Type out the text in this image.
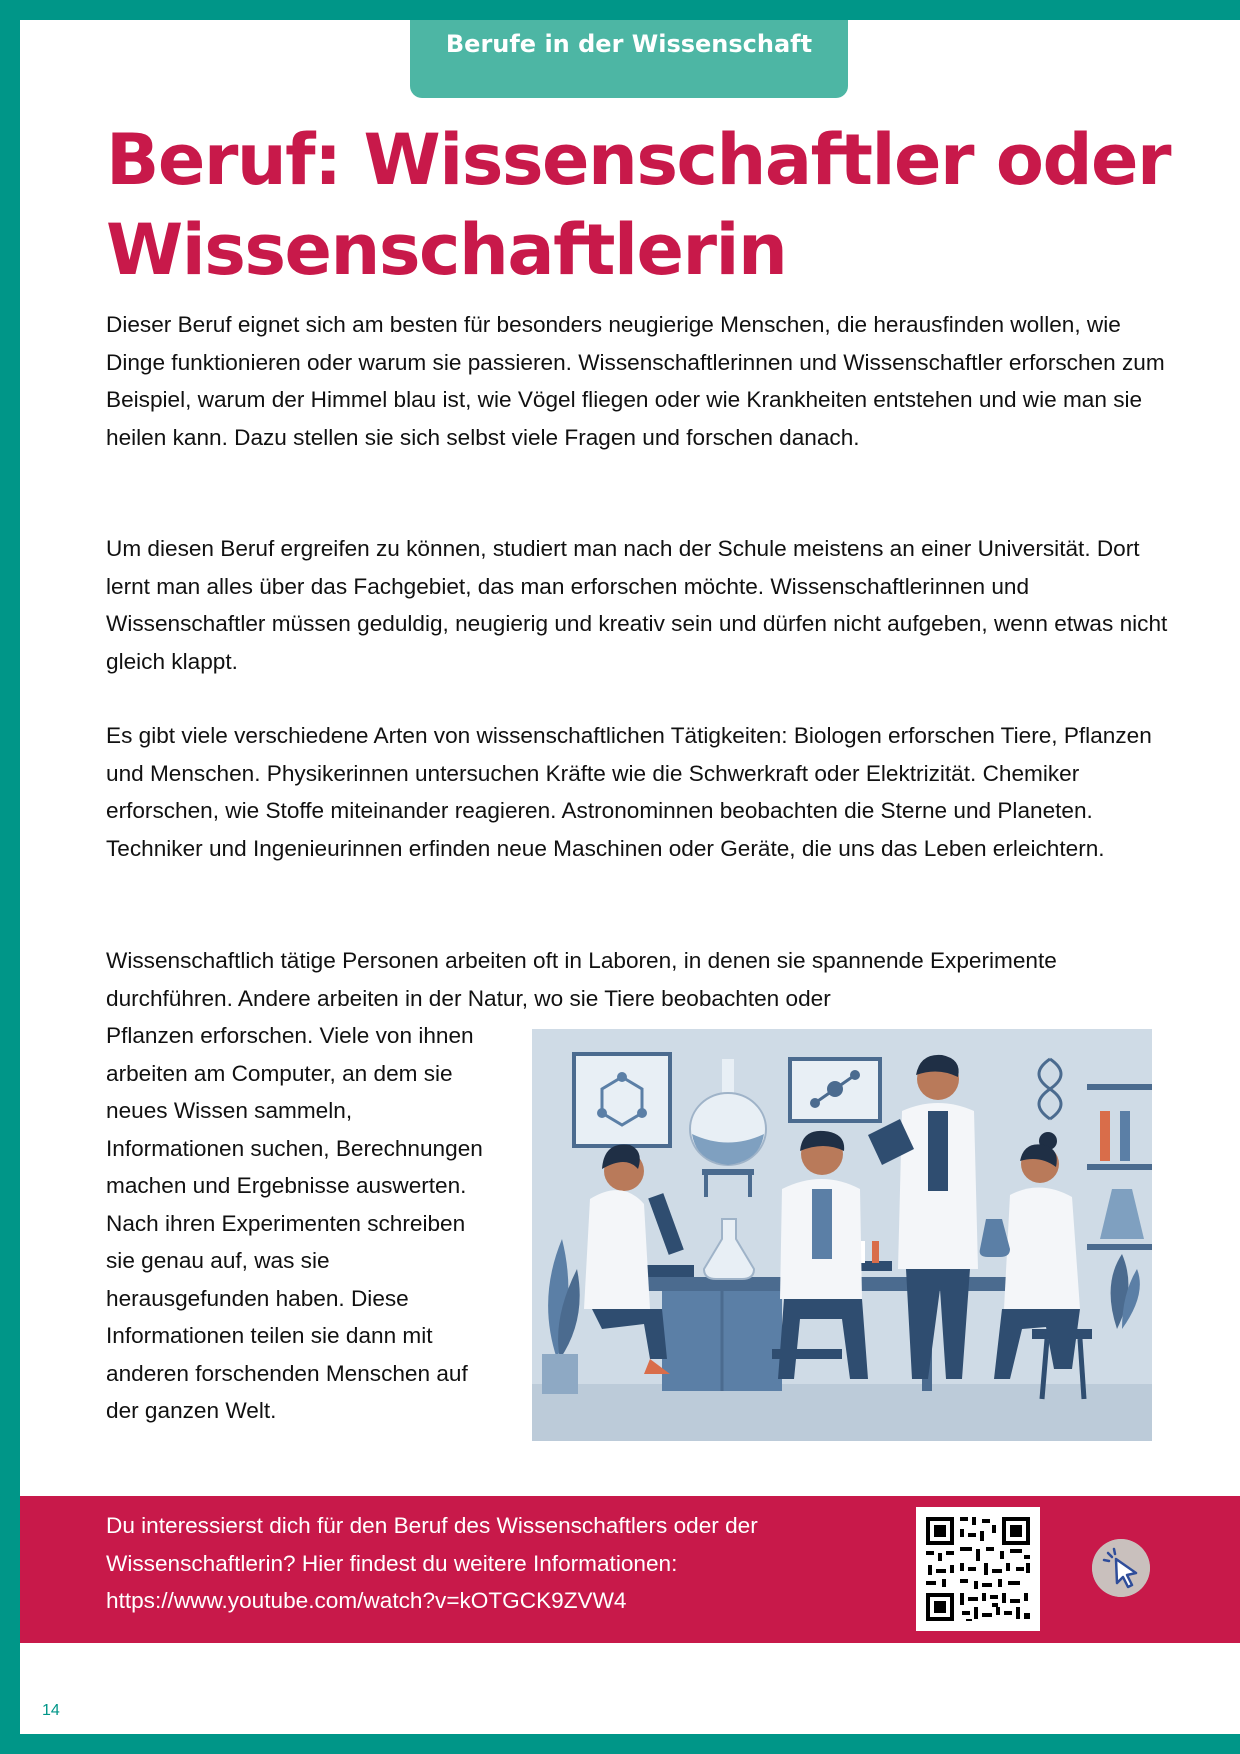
Berufe in der Wissenschaft
Beruf: Wissenschaftler oder Wissenschaftlerin

Dieser Beruf eignet sich am besten für besonders neugierige Menschen, die herausfinden wollen, wie Dinge funktionieren oder warum sie passieren. Wissenschaftlerinnen und Wissenschaftler erforschen zum Beispiel, warum der Himmel blau ist, wie Vögel fliegen oder wie Krankheiten entstehen und wie man sie heilen kann. Dazu stellen sie sich selbst viele Fragen und forschen danach.

Um diesen Beruf ergreifen zu können, studiert man nach der Schule meistens an einer Universität. Dort lernt man alles über das Fachgebiet, das man erforschen möchte. Wissenschaftlerinnen und Wissenschaftler müssen geduldig, neugierig und kreativ sein und dürfen nicht aufgeben, wenn etwas nicht gleich klappt.

Es gibt viele verschiedene Arten von wissenschaftlichen Tätigkeiten: Biologen erforschen Tiere, Pflanzen und Menschen. Physikerinnen untersuchen Kräfte wie die Schwerkraft oder Elektrizität. Chemiker erforschen, wie Stoffe miteinander reagieren. Astronominnen beobachten die Sterne und Planeten. Techniker und Ingenieurinnen erfinden neue Maschinen oder Geräte, die uns das Leben erleichtern.

Wissenschaftlich tätige Personen arbeiten oft in Laboren, in denen sie spannende Experimente durchführen. Andere arbeiten in der Natur, wo sie Tiere beobachten oder

Pflanzen erforschen. Viele von ihnen arbeiten am Computer, an dem sie neues Wissen sammeln, Informationen suchen, Berechnungen machen und Ergebnisse auswerten. Nach ihren Experimenten schreiben sie genau auf, was sie herausgefunden haben. Diese Informationen teilen sie dann mit anderen forschenden Menschen auf der ganzen Welt.

Du interessierst dich für den Beruf des Wissenschaftlers oder der
Wissenschaftlerin? Hier findest du weitere Informationen:
https://www.youtube.com/watch?v=kOTGCK9ZVW4

14
